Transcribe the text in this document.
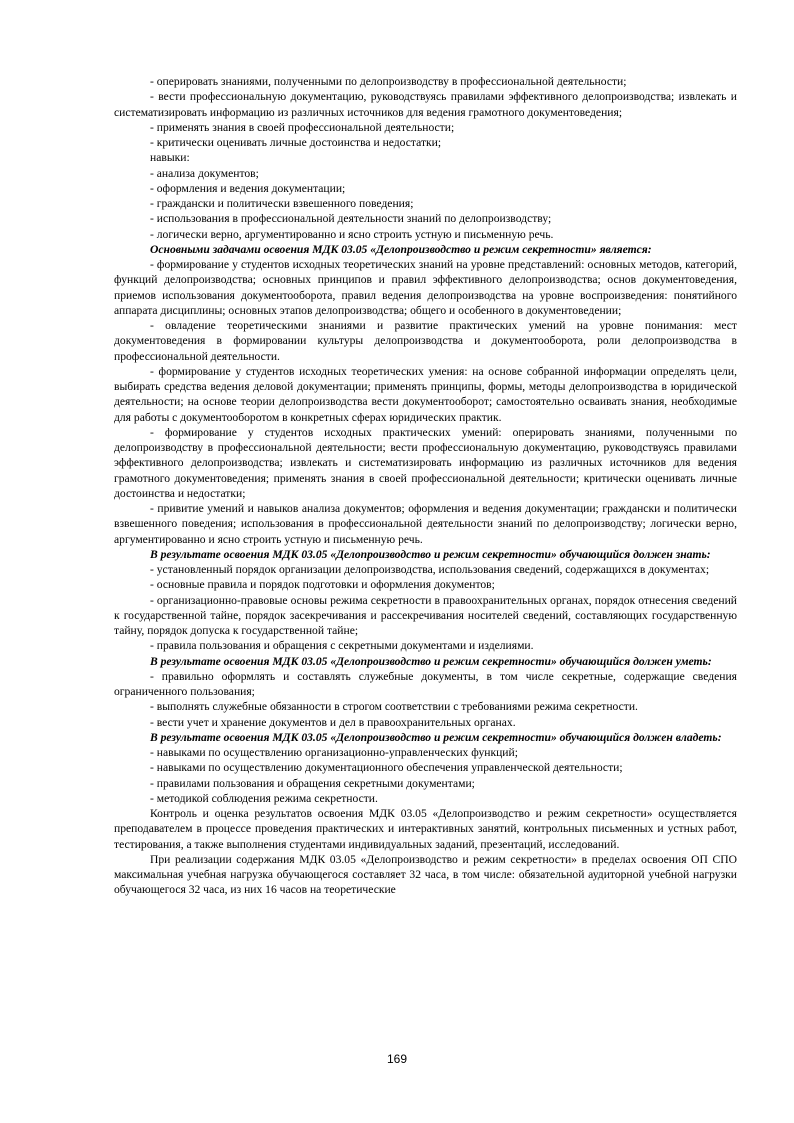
- оперировать знаниями, полученными по делопроизводству в профессиональной деятельности;

- вести профессиональную документацию, руководствуясь правилами эффективного делопроизводства; извлекать и систематизировать информацию из различных источников для ведения грамотного документоведения;

- применять знания в своей профессиональной деятельности;

- критически оценивать личные достоинства и недостатки;

навыки:

- анализа документов;

- оформления и ведения документации;

- граждански и политически взвешенного поведения;

- использования в профессиональной деятельности знаний по делопроизводству;

- логически верно, аргументированно и ясно строить устную и письменную речь.

Основными задачами освоения МДК 03.05 «Делопроизводство и режим секретности» является:

- формирование у студентов исходных теоретических знаний на уровне представлений: основных методов, категорий, функций делопроизводства; основных принципов и правил эффективного делопроизводства; основ документоведения, приемов использования документооборота, правил ведения делопроизводства на уровне воспроизведения: понятийного аппарата дисциплины; основных этапов делопроизводства; общего и особенного в документоведении;

- овладение теоретическими знаниями и развитие практических умений на уровне понимания: мест документоведения в формировании культуры делопроизводства и документооборота, роли делопроизводства в профессиональной деятельности.

- формирование у студентов исходных теоретических умения: на основе собранной информации определять цели, выбирать средства ведения деловой документации; применять принципы, формы, методы делопроизводства в юридической деятельности; на основе теории делопроизводства вести документооборот; самостоятельно осваивать знания, необходимые для работы с документооборотом в конкретных сферах юридических практик.

- формирование у студентов исходных практических умений: оперировать знаниями, полученными по делопроизводству в профессиональной деятельности; вести профессиональную документацию, руководствуясь правилами эффективного делопроизводства; извлекать и систематизировать информацию из различных источников для ведения грамотного документоведения; применять знания в своей профессиональной деятельности; критически оценивать личные достоинства и недостатки;

- привитие умений и навыков анализа документов; оформления и ведения документации; граждански и политически взвешенного поведения; использования в профессиональной деятельности знаний по делопроизводству; логически верно, аргументированно и ясно строить устную и письменную речь.

В результате освоения МДК 03.05 «Делопроизводство и режим секретности» обучающийся должен знать:

- установленный порядок организации делопроизводства, использования сведений, содержащихся в документах;

- основные правила и порядок подготовки и оформления документов;

- организационно-правовые основы режима секретности в правоохранительных органах, порядок отнесения сведений к государственной тайне, порядок засекречивания и рассекречивания носителей сведений, составляющих государственную тайну, порядок допуска к государственной тайне;

- правила пользования и обращения с секретными документами и изделиями.

В результате освоения МДК 03.05 «Делопроизводство и режим секретности» обучающийся должен уметь:

- правильно оформлять и составлять служебные документы, в том числе секретные, содержащие сведения ограниченного пользования;

- выполнять служебные обязанности в строгом соответствии с требованиями режима секретности.

- вести учет и хранение документов и дел в правоохранительных органах.

В результате освоения МДК 03.05 «Делопроизводство и режим секретности» обучающийся должен владеть:

- навыками по осуществлению организационно-управленческих функций;

- навыками по осуществлению документационного обеспечения управленческой деятельности;

- правилами пользования и обращения секретными документами;

- методикой соблюдения режима секретности.

Контроль и оценка результатов освоения МДК 03.05 «Делопроизводство и режим секретности» осуществляется преподавателем в процессе проведения практических и интерактивных занятий, контрольных письменных и устных работ, тестирования, а также выполнения студентами индивидуальных заданий, презентаций, исследований.

При реализации содержания МДК 03.05 «Делопроизводство и режим секретности» в пределах освоения ОП СПО максимальная учебная нагрузка обучающегося составляет 32 часа, в том числе: обязательной аудиторной учебной нагрузки обучающегося 32 часа, из них 16 часов на теоретические

169
